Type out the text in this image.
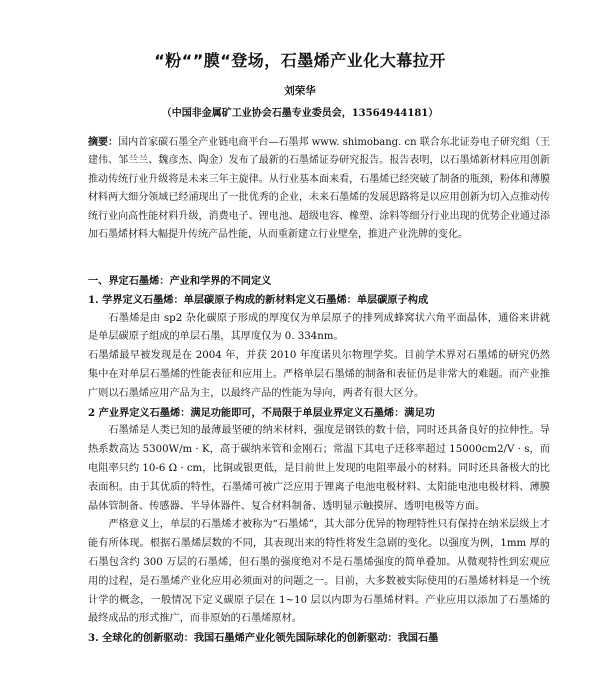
“粉“”膜“登场，石墨烯产业化大幕拉开
刘荣华
（中国非金属矿工业协会石墨专业委员会，13564944181）
摘要：国内首家碳石墨全产业链电商平台—石墨邦 www. shimobang. cn 联合东北证券电子研究组（王建伟、邹兰兰、魏彦杰、陶金）发布了最新的石墨烯证券研究报告。报告表明，以石墨烯新材料应用创新推动传统行业升级将是未来三年主旋律。从行业基本面来看，石墨烯已经突破了制备的瓶颈，粉体和薄膜材料两大细分领域已经涌现出了一批优秀的企业，未来石墨烯的发展思路将是以应用创新为切入点推动传统行业向高性能材料升级，消费电子、锂电池、超级电容、橡塑、涂料等细分行业出现的优势企业通过添加石墨烯材料大幅提升传统产品性能，从而重新建立行业壁垒，推进产业洗牌的变化。

一、界定石墨烯：产业和学界的不同定义

1. 学界定义石墨烯：单层碳原子构成的新材料定义石墨烯：单层碳原子构成

石墨烯是由 sp2 杂化碳原子形成的厚度仅为单层原子的排列成蜂窝状六角平面晶体，通俗来讲就是单层碳原子组成的单层石墨，其厚度仅为 0. 334nm。

石墨烯最早被发现是在 2004 年，并获 2010 年度诺贝尔物理学奖。目前学术界对石墨烯的研究仍然集中在对单层石墨烯的性能表征和应用上。严格单层石墨烯的制备和表征仍是非常大的难题。而产业推广则以石墨烯应用产品为主，以最终产品的性能为导向，两者有很大区分。

2 产业界定义石墨烯：满足功能即可，不局限于单层业界定义石墨烯：满足功

石墨烯是人类已知的最薄最坚硬的纳米材料，强度是钢铁的数十倍，同时还具备良好的拉伸性。导热系数高达 5300W/m · K，高于碳纳米管和金刚石；常温下其电子迁移率超过 15000cm2/V · s，而电阻率只约 10-6 Ω · cm，比铜或银更低，是目前世上发现的电阻率最小的材料。同时还具备极大的比表面积。由于其优质的特性，石墨烯可被广泛应用于锂离子电池电极材料、太阳能电池电极材料、薄膜晶体管制备、传感器、半导体器件、复合材料制备、透明显示触摸屏、透明电极等方面。

严格意义上，单层的石墨烯才被称为“石墨烯”，其大部分优异的物理特性只有保持在纳米层级上才能有所体现。根据石墨烯层数的不同，其表现出来的特性将发生急剧的变化。以强度为例，1mm 厚的石墨包含约 300 万层的石墨烯，但石墨的强度绝对不是石墨烯强度的简单叠加。从微观特性到宏观应用的过程，是石墨烯产业化应用必须面对的问题之一。目前，大多数被实际使用的石墨烯材料是一个统计学的概念，一般情况下定义碳原子层在 1~10 层以内即为石墨烯材料。产业应用以添加了石墨烯的最终成品的形式推广，而非原始的石墨烯原材。

3. 全球化的创新驱动：我国石墨烯产业化领先国际球化的创新驱动：我国石墨
